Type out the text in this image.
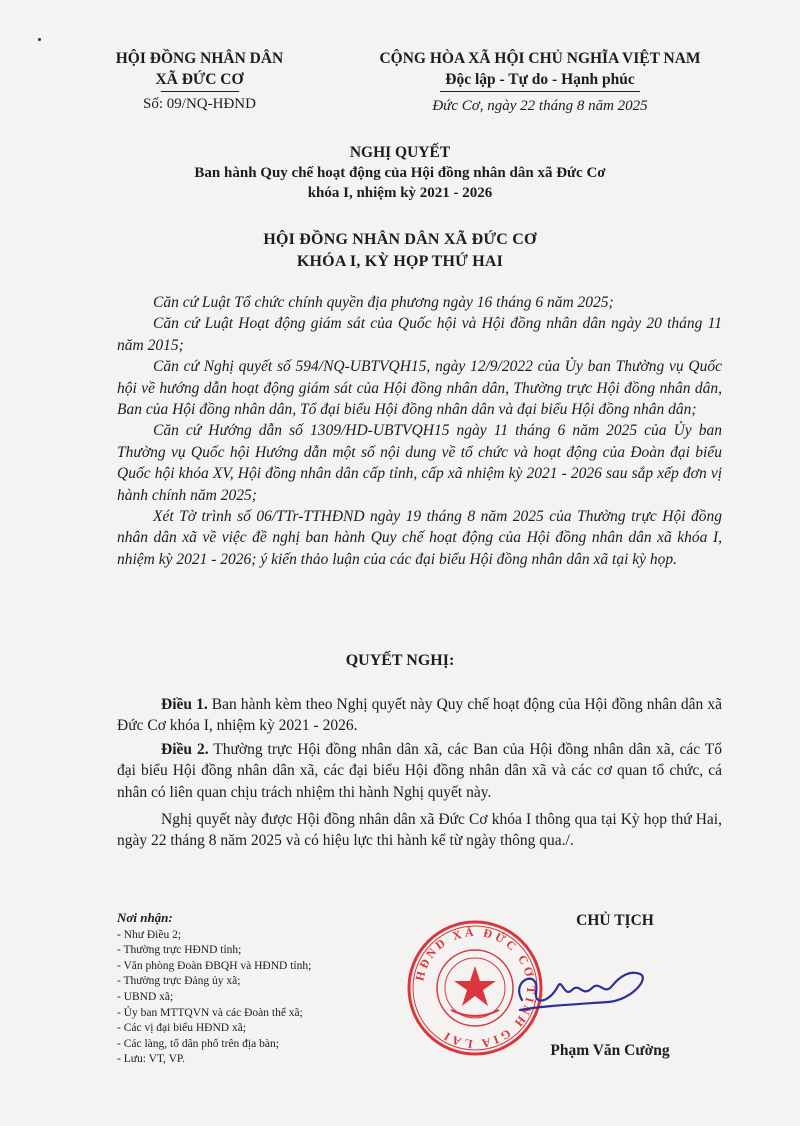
HỘI ĐỒNG NHÂN DÂN
XÃ ĐỨC CƠ
Số: 09/NQ-HĐND
CỘNG HÒA XÃ HỘI CHỦ NGHĨA VIỆT NAM
Độc lập - Tự do - Hạnh phúc
Đức Cơ, ngày 22 tháng 8 năm 2025
NGHỊ QUYẾT
Ban hành Quy chế hoạt động của Hội đồng nhân dân xã Đức Cơ
khóa I, nhiệm kỳ 2021 - 2026
HỘI ĐỒNG NHÂN DÂN XÃ ĐỨC CƠ
KHÓA I, KỲ HỌP THỨ HAI

Căn cứ Luật Tổ chức chính quyền địa phương ngày 16 tháng 6 năm 2025;

Căn cứ Luật Hoạt động giám sát của Quốc hội và Hội đồng nhân dân ngày 20 tháng 11 năm 2015;

Căn cứ Nghị quyết số 594/NQ-UBTVQH15, ngày 12/9/2022 của Ủy ban Thường vụ Quốc hội về hướng dẫn hoạt động giám sát của Hội đồng nhân dân, Thường trực Hội đồng nhân dân, Ban của Hội đồng nhân dân, Tổ đại biểu Hội đồng nhân dân và đại biểu Hội đồng nhân dân;

Căn cứ Hướng dẫn số 1309/HD-UBTVQH15 ngày 11 tháng 6 năm 2025 của Ủy ban Thường vụ Quốc hội Hướng dẫn một số nội dung về tổ chức và hoạt động của Đoàn đại biểu Quốc hội khóa XV, Hội đồng nhân dân cấp tỉnh, cấp xã nhiệm kỳ 2021 - 2026 sau sắp xếp đơn vị hành chính năm 2025;

Xét Tờ trình số 06/TTr-TTHĐND ngày 19 tháng 8 năm 2025 của Thường trực Hội đồng nhân dân xã về việc đề nghị ban hành Quy chế hoạt động của Hội đồng nhân dân xã khóa I, nhiệm kỳ 2021 - 2026; ý kiến thảo luận của các đại biểu Hội đồng nhân dân xã tại kỳ họp.

QUYẾT NGHỊ:

Điều 1. Ban hành kèm theo Nghị quyết này Quy chế hoạt động của Hội đồng nhân dân xã Đức Cơ khóa I, nhiệm kỳ 2021 - 2026.

Điều 2. Thường trực Hội đồng nhân dân xã, các Ban của Hội đồng nhân dân xã, các Tổ đại biểu Hội đồng nhân dân xã, các đại biểu Hội đồng nhân dân xã và các cơ quan tổ chức, cá nhân có liên quan chịu trách nhiệm thi hành Nghị quyết này.

Nghị quyết này được Hội đồng nhân dân xã Đức Cơ khóa I thông qua tại Kỳ họp thứ Hai, ngày 22 tháng 8 năm 2025 và có hiệu lực thi hành kể từ ngày thông qua./.

Nơi nhận:
- Như Điều 2;
- Thường trực HĐND tỉnh;
- Văn phòng Đoàn ĐBQH và HĐND tỉnh;
- Thường trực Đảng ủy xã;
- UBND xã;
- Ủy ban MTTQVN và các Đoàn thể xã;
- Các vị đại biểu HĐND xã;
- Các làng, tổ dân phố trên địa bàn;
- Lưu: VT, VP.
HĐND XÃ ĐỨC CƠ TỈNH GIA LAI
CHỦ TỊCH
Phạm Văn Cường
